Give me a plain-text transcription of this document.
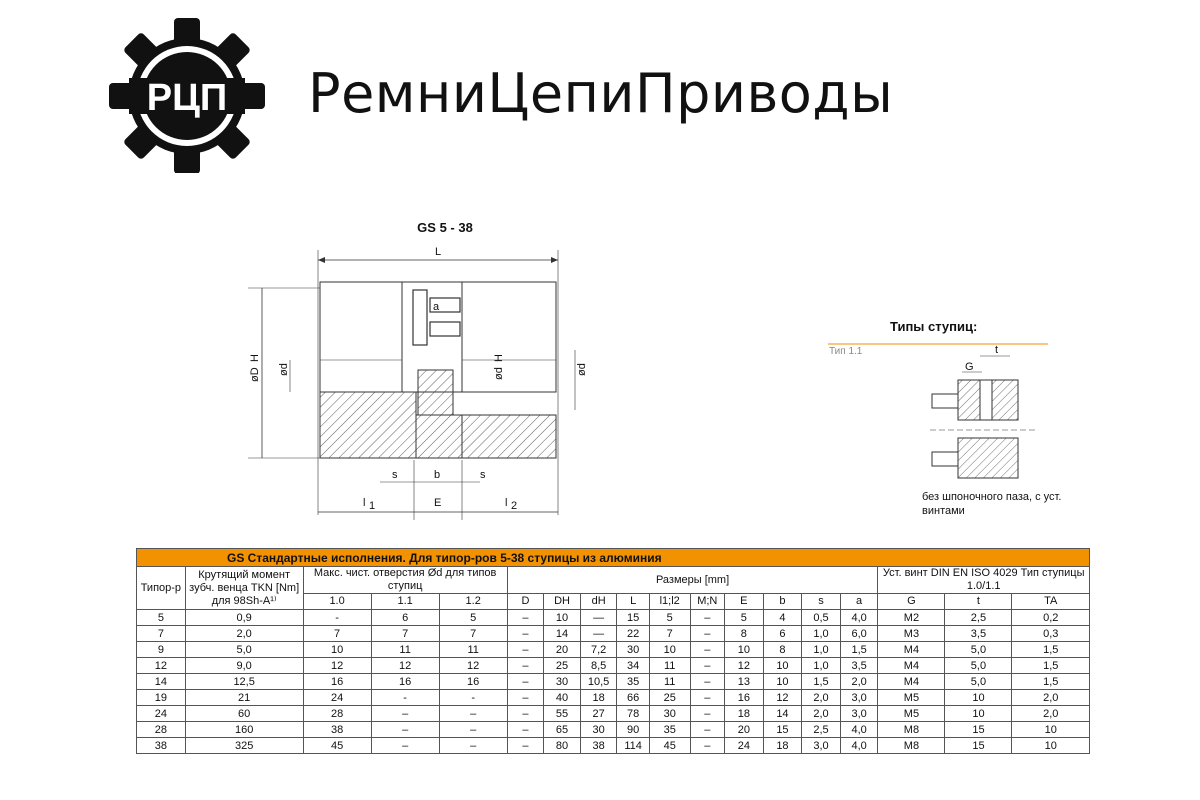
РЦП РемниЦепиПриводы
GS 5 - 38
L
øD
H
a
ød	ød
H
ød
s	b	s
l 1	E	l 2
Типы ступиц:
Тип 1.1	t
G
без шпоночного паза, с уст. винтами
GS Стандартные исполнения. Для типор-ров 5-38 ступицы из алюминия																	
Типор-р	Крутящий момент зубч. венца TKN [Nm] для 98Sh-A¹⁾	Макс. чист. отверстия Ød для типов ступиц			Размеры [mm]										Уст. винт DIN EN ISO 4029 Тип ступицы 1.0/1.1		
		1.0	1.1	1.2	D	DH	dH	L	l1;l2	M;N	E	b	s	a	G	t	TA
5	0,9	-	6	5	–	10	—	15	5	–	5	4	0,5	4,0	M2	2,5	0,2
7	2,0	7	7	7	–	14	—	22	7	–	8	6	1,0	6,0	M3	3,5	0,3
9	5,0	10	11	11	–	20	7,2	30	10	–	10	8	1,0	1,5	M4	5,0	1,5
12	9,0	12	12	12	–	25	8,5	34	11	–	12	10	1,0	3,5	M4	5,0	1,5
14	12,5	16	16	16	–	30	10,5	35	11	–	13	10	1,5	2,0	M4	5,0	1,5
19	21	24	-	-	–	40	18	66	25	–	16	12	2,0	3,0	M5	10	2,0
24	60	28	–	–	–	55	27	78	30	–	18	14	2,0	3,0	M5	10	2,0
28	160	38	–	–	–	65	30	90	35	–	20	15	2,5	4,0	M8	15	10
38	325	45	–	–	–	80	38	114	45	–	24	18	3,0	4,0	M8	15	10
